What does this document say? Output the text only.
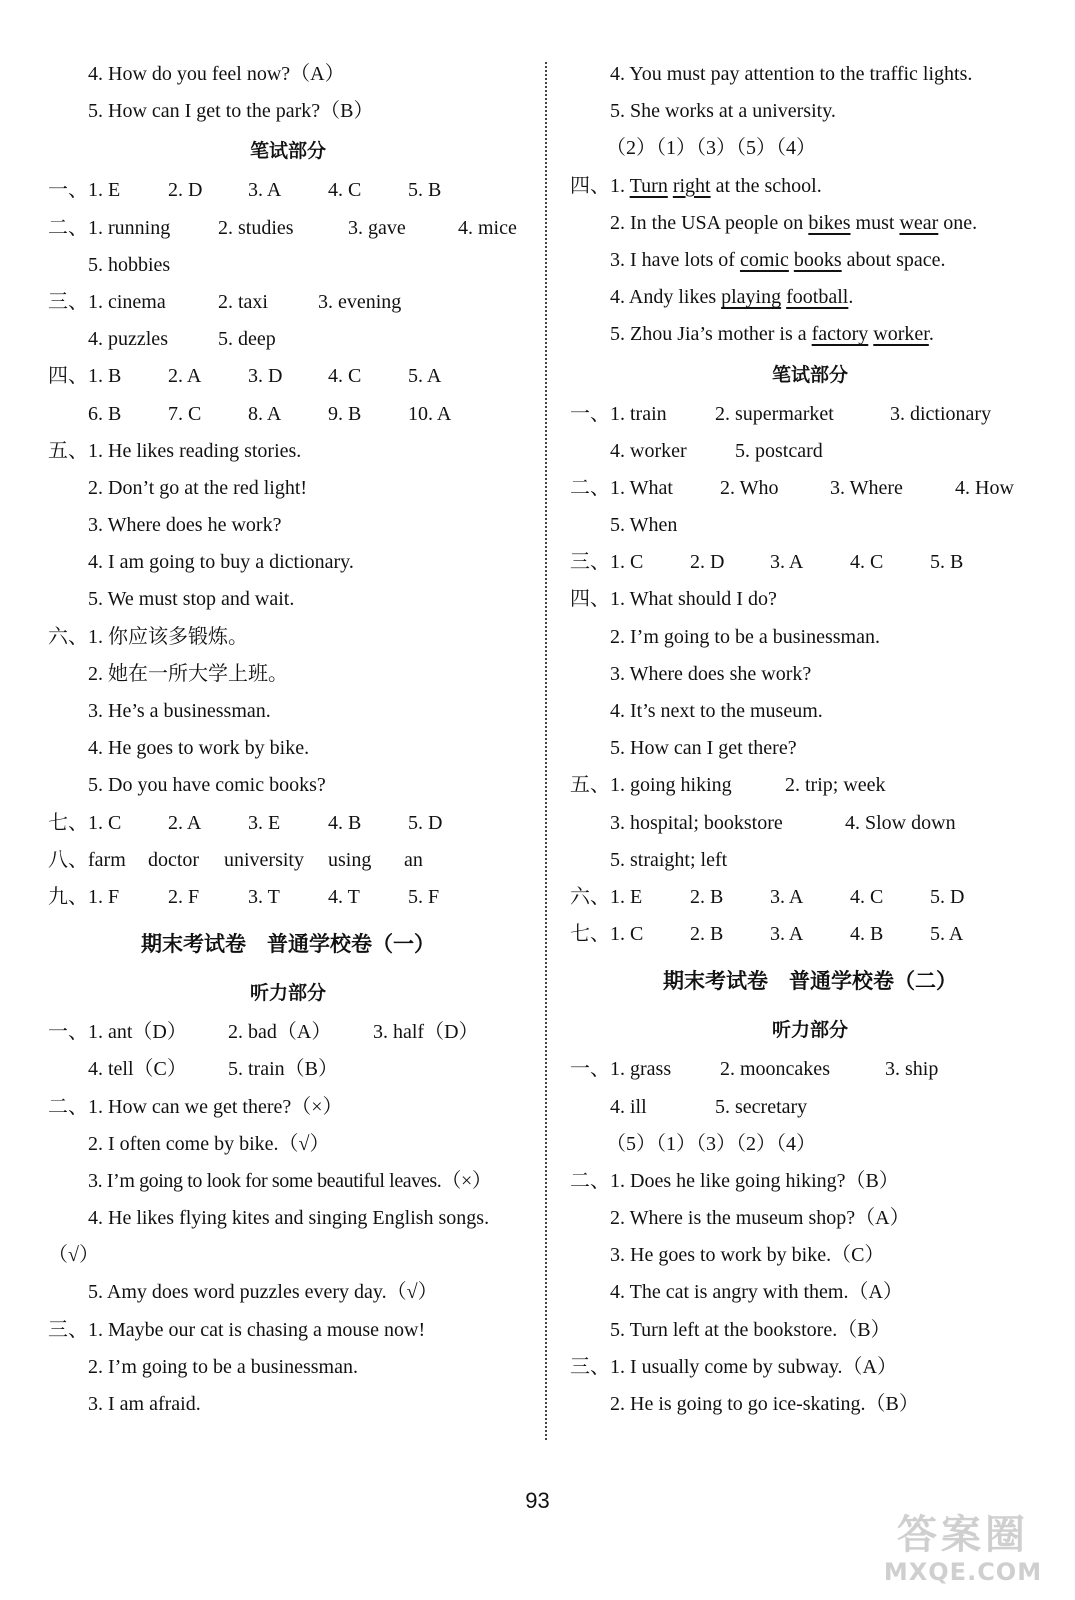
4. How do you feel now?（A）
5. How can I get to the park?（B）
笔试部分
一、1. E 2. D 3. A 4. C 5. B
二、1. running 2. studies	3. gave	4. mice
5. hobbies
三、1. cinema	2. taxi	3. evening
4. puzzles	5. deep
四、1. B 2. A 3. D 4. C 5. A
6. B 7. C 8. A 9. B 10. A
五、1. He likes reading stories.
2. Don’t go at the red light!
3. Where does he work?
4. I am going to buy a dictionary.
5. We must stop and wait.
六、1. 你应该多锻炼。
2. 她在一所大学上班。
3. He’s a businessman.
4. He goes to work by bike.
5. Do you have comic books?
七、1. C 2. A 3. E 4. B 5. D
八、farm doctor university using an
九、1. F 2. F 3. T 4. T 5. F
期末考试卷　普通学校卷（一）
听力部分
一、1. ant（D） 2. bad（A） 3. half（D）
4. tell（C） 5. train（B）
二、1. How can we get there?（×）
2. I often come by bike.（√）
3. I’m going to look for some beautiful leaves.（×）
4. He likes flying kites and singing English songs.
（√）
5. Amy does word puzzles every day.（√）
三、1. Maybe our cat is chasing a mouse now!
2. I’m going to be a businessman.
3. I am afraid.
4. You must pay attention to the traffic lights.
5. She works at a university.
（2）（1）（3）（5）（4）
四、1. Turn right at the school.
2. In the USA people on bikes must wear one.
3. I have lots of comic books about space.
4. Andy likes playing football.
5. Zhou Jia’s mother is a factory worker.
笔试部分
一、1. train 2. supermarket	3. dictionary
4. worker 5. postcard
二、1. What 2. Who	3. Where	4. How
5. When
三、1. C 2. D 3. A 4. C 5. B
四、1. What should I do?
2. I’m going to be a businessman.
3. Where does she work?
4. It’s next to the museum.
5. How can I get there?
五、1. going hiking	2. trip; week
3. hospital; bookstore	4. Slow down
5. straight; left
六、1. E 2. B 3. A 4. C 5. D
七、1. C 2. B 3. A 4. B 5. A
期末考试卷　普通学校卷（二）
听力部分
一、1. grass 2. mooncakes	3. ship
4. ill	5. secretary
（5）（1）（3）（2）（4）
二、1. Does he like going hiking?（B）
2. Where is the museum shop?（A）
3. He goes to work by bike.（C）
4. The cat is angry with them.（A）
5. Turn left at the bookstore.（B）
三、1. I usually come by subway.（A）
2. He is going to go ice-skating.（B）
93
答案圈
MXQE.COM
